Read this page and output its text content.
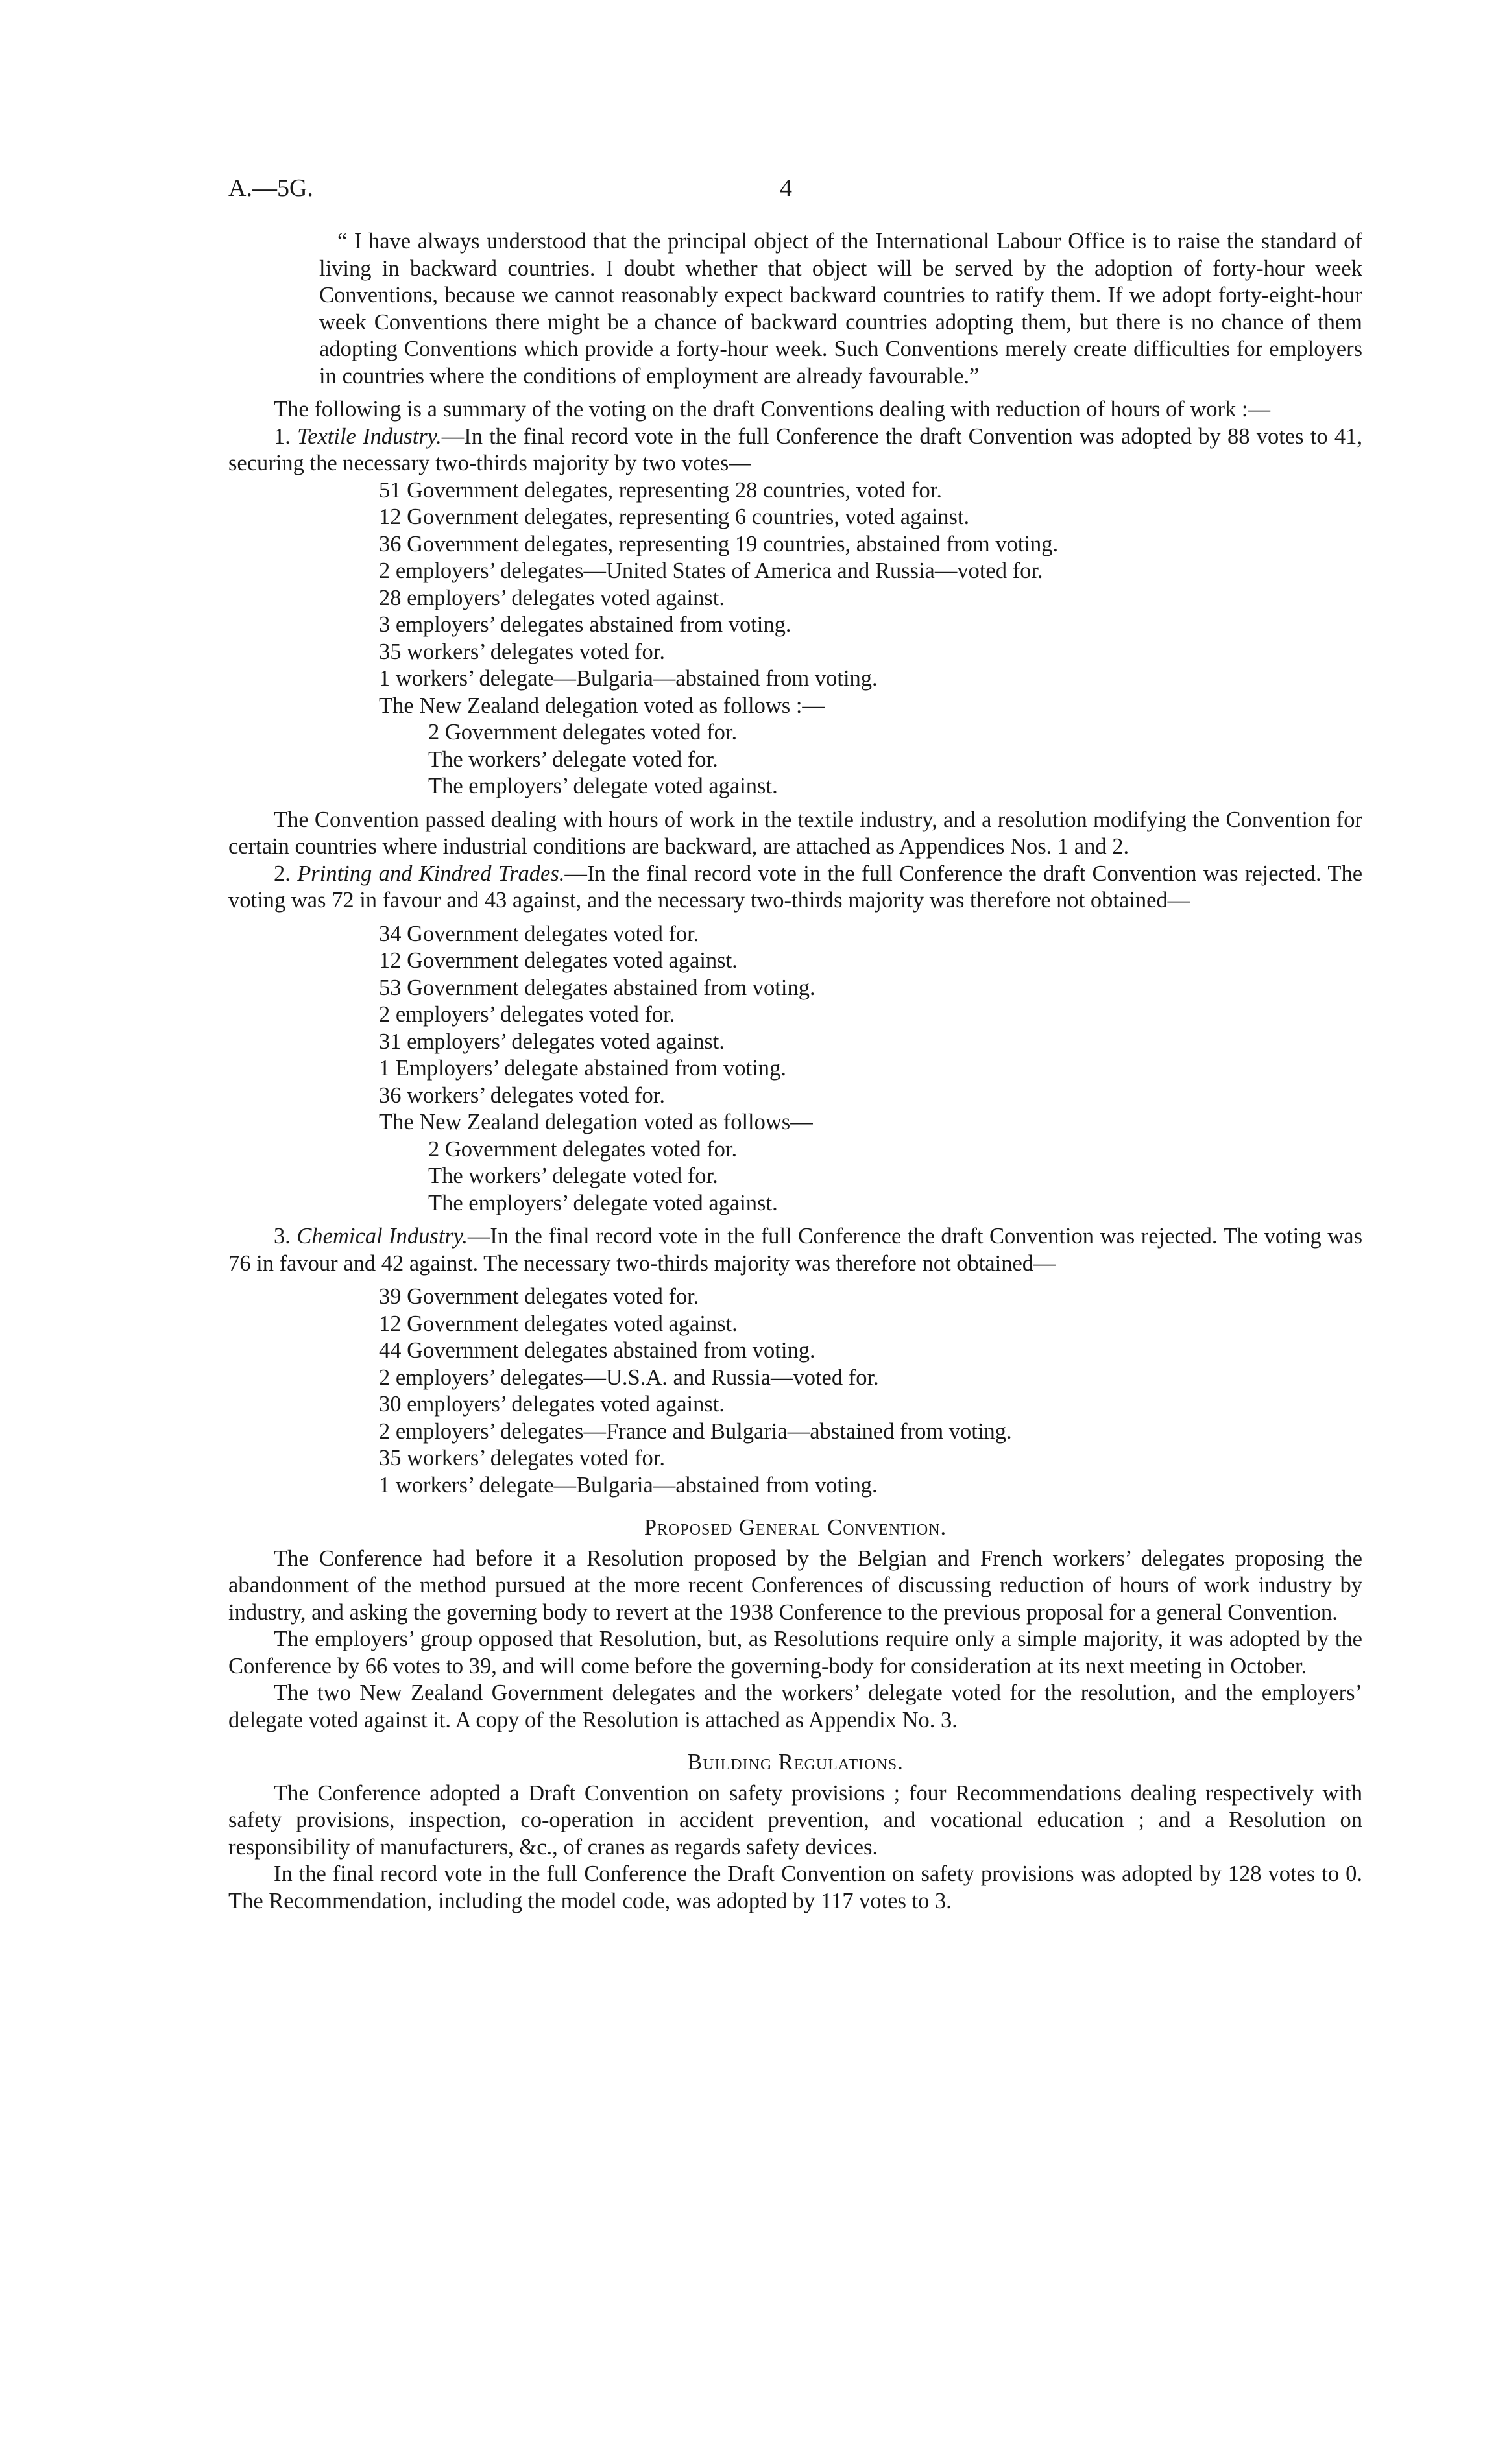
A.—5G.	4

“ I have always understood that the principal object of the International Labour Office is to raise the standard of living in backward countries. I doubt whether that object will be served by the adoption of forty-hour week Conventions, because we cannot reasonably expect backward countries to ratify them. If we adopt forty-eight-hour week Conventions there might be a chance of backward countries adopting them, but there is no chance of them adopting Conventions which provide a forty-hour week. Such Conventions merely create difficulties for employers in countries where the conditions of employment are already favourable.”

The following is a summary of the voting on the draft Conventions dealing with reduction of hours of work :—

1. Textile Industry.—In the final record vote in the full Conference the draft Convention was adopted by 88 votes to 41, securing the necessary two-thirds majority by two votes—

51 Government delegates, representing 28 countries, voted for.
12 Government delegates, representing 6 countries, voted against.
36 Government delegates, representing 19 countries, abstained from voting.
2 employers’ delegates—United States of America and Russia—voted for.
28 employers’ delegates voted against.
3 employers’ delegates abstained from voting.
35 workers’ delegates voted for.
1 workers’ delegate—Bulgaria—abstained from voting.
The New Zealand delegation voted as follows :—
2 Government delegates voted for.
The workers’ delegate voted for.
The employers’ delegate voted against.

The Convention passed dealing with hours of work in the textile industry, and a resolution modifying the Convention for certain countries where industrial conditions are backward, are attached as Appendices Nos. 1 and 2.

2. Printing and Kindred Trades.—In the final record vote in the full Conference the draft Convention was rejected. The voting was 72 in favour and 43 against, and the necessary two-thirds majority was therefore not obtained—

34 Government delegates voted for.
12 Government delegates voted against.
53 Government delegates abstained from voting.
2 employers’ delegates voted for.
31 employers’ delegates voted against.
1 Employers’ delegate abstained from voting.
36 workers’ delegates voted for.
The New Zealand delegation voted as follows—
2 Government delegates voted for.
The workers’ delegate voted for.
The employers’ delegate voted against.

3. Chemical Industry.—In the final record vote in the full Conference the draft Convention was rejected. The voting was 76 in favour and 42 against. The necessary two-thirds majority was therefore not obtained—

39 Government delegates voted for.
12 Government delegates voted against.
44 Government delegates abstained from voting.
2 employers’ delegates—U.S.A. and Russia—voted for.
30 employers’ delegates voted against.
2 employers’ delegates—France and Bulgaria—abstained from voting.
35 workers’ delegates voted for.
1 workers’ delegate—Bulgaria—abstained from voting.
Proposed General Convention.

The Conference had before it a Resolution proposed by the Belgian and French workers’ delegates proposing the abandonment of the method pursued at the more recent Conferences of discussing reduction of hours of work industry by industry, and asking the governing body to revert at the 1938 Conference to the previous proposal for a general Convention.

The employers’ group opposed that Resolution, but, as Resolutions require only a simple majority, it was adopted by the Conference by 66 votes to 39, and will come before the governing-body for consideration at its next meeting in October.

The two New Zealand Government delegates and the workers’ delegate voted for the resolution, and the employers’ delegate voted against it. A copy of the Resolution is attached as Appendix No. 3.

Building Regulations.

The Conference adopted a Draft Convention on safety provisions ; four Recommendations dealing respectively with safety provisions, inspection, co-operation in accident prevention, and vocational education ; and a Resolution on responsibility of manufacturers, &c., of cranes as regards safety devices.

In the final record vote in the full Conference the Draft Convention on safety provisions was adopted by 128 votes to 0. The Recommendation, including the model code, was adopted by 117 votes to 3.
